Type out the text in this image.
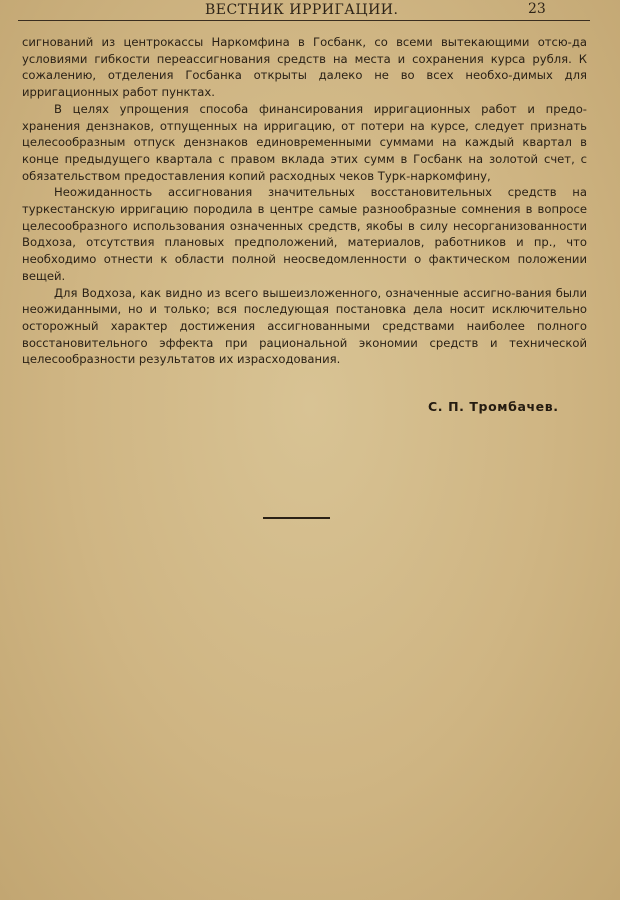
ВЕСТНИК ИРРИГАЦИИ.	23

сигнований из центрокассы Наркомфина в Госбанк, со всеми вытекающими отсю-да условиями гибкости переассигнования средств на места и сохранения курса рубля. К сожалению, отделения Госбанка открыты далеко не во всех необхо-димых для ирригационных работ пунктах.

В целях упрощения способа финансирования ирригационных работ и предо-хранения дензнаков, отпущенных на ирригацию, от потери на курсе, следует признать целесообразным отпуск дензнаков единовременными суммами на каждый квартал в конце предыдущего квартала с правом вклада этих сумм в Госбанк на золотой счет, с обязательством предоставления копий расходных чеков Турк-наркомфину,

Неожиданность ассигнования значительных восстановительных средств на туркестанскую ирригацию породила в центре самые разнообразные сомнения в вопросе целесообразного использования означенных средств, якобы в силу несорганизованности Водхоза, отсутствия плановых предположений, материалов, работников и пр., что необходимо отнести к области полной неосведомленности о фактическом положении вещей.

Для Водхоза, как видно из всего вышеизложенного, означенные ассигно-вания были неожиданными, но и только; вся последующая постановка дела носит исключительно осторожный характер достижения ассигнованными средствами наиболее полного восстановительного эффекта при рациональной экономии средств и технической целесообразности результатов их израсходования.

С. П. Тромбачев.
